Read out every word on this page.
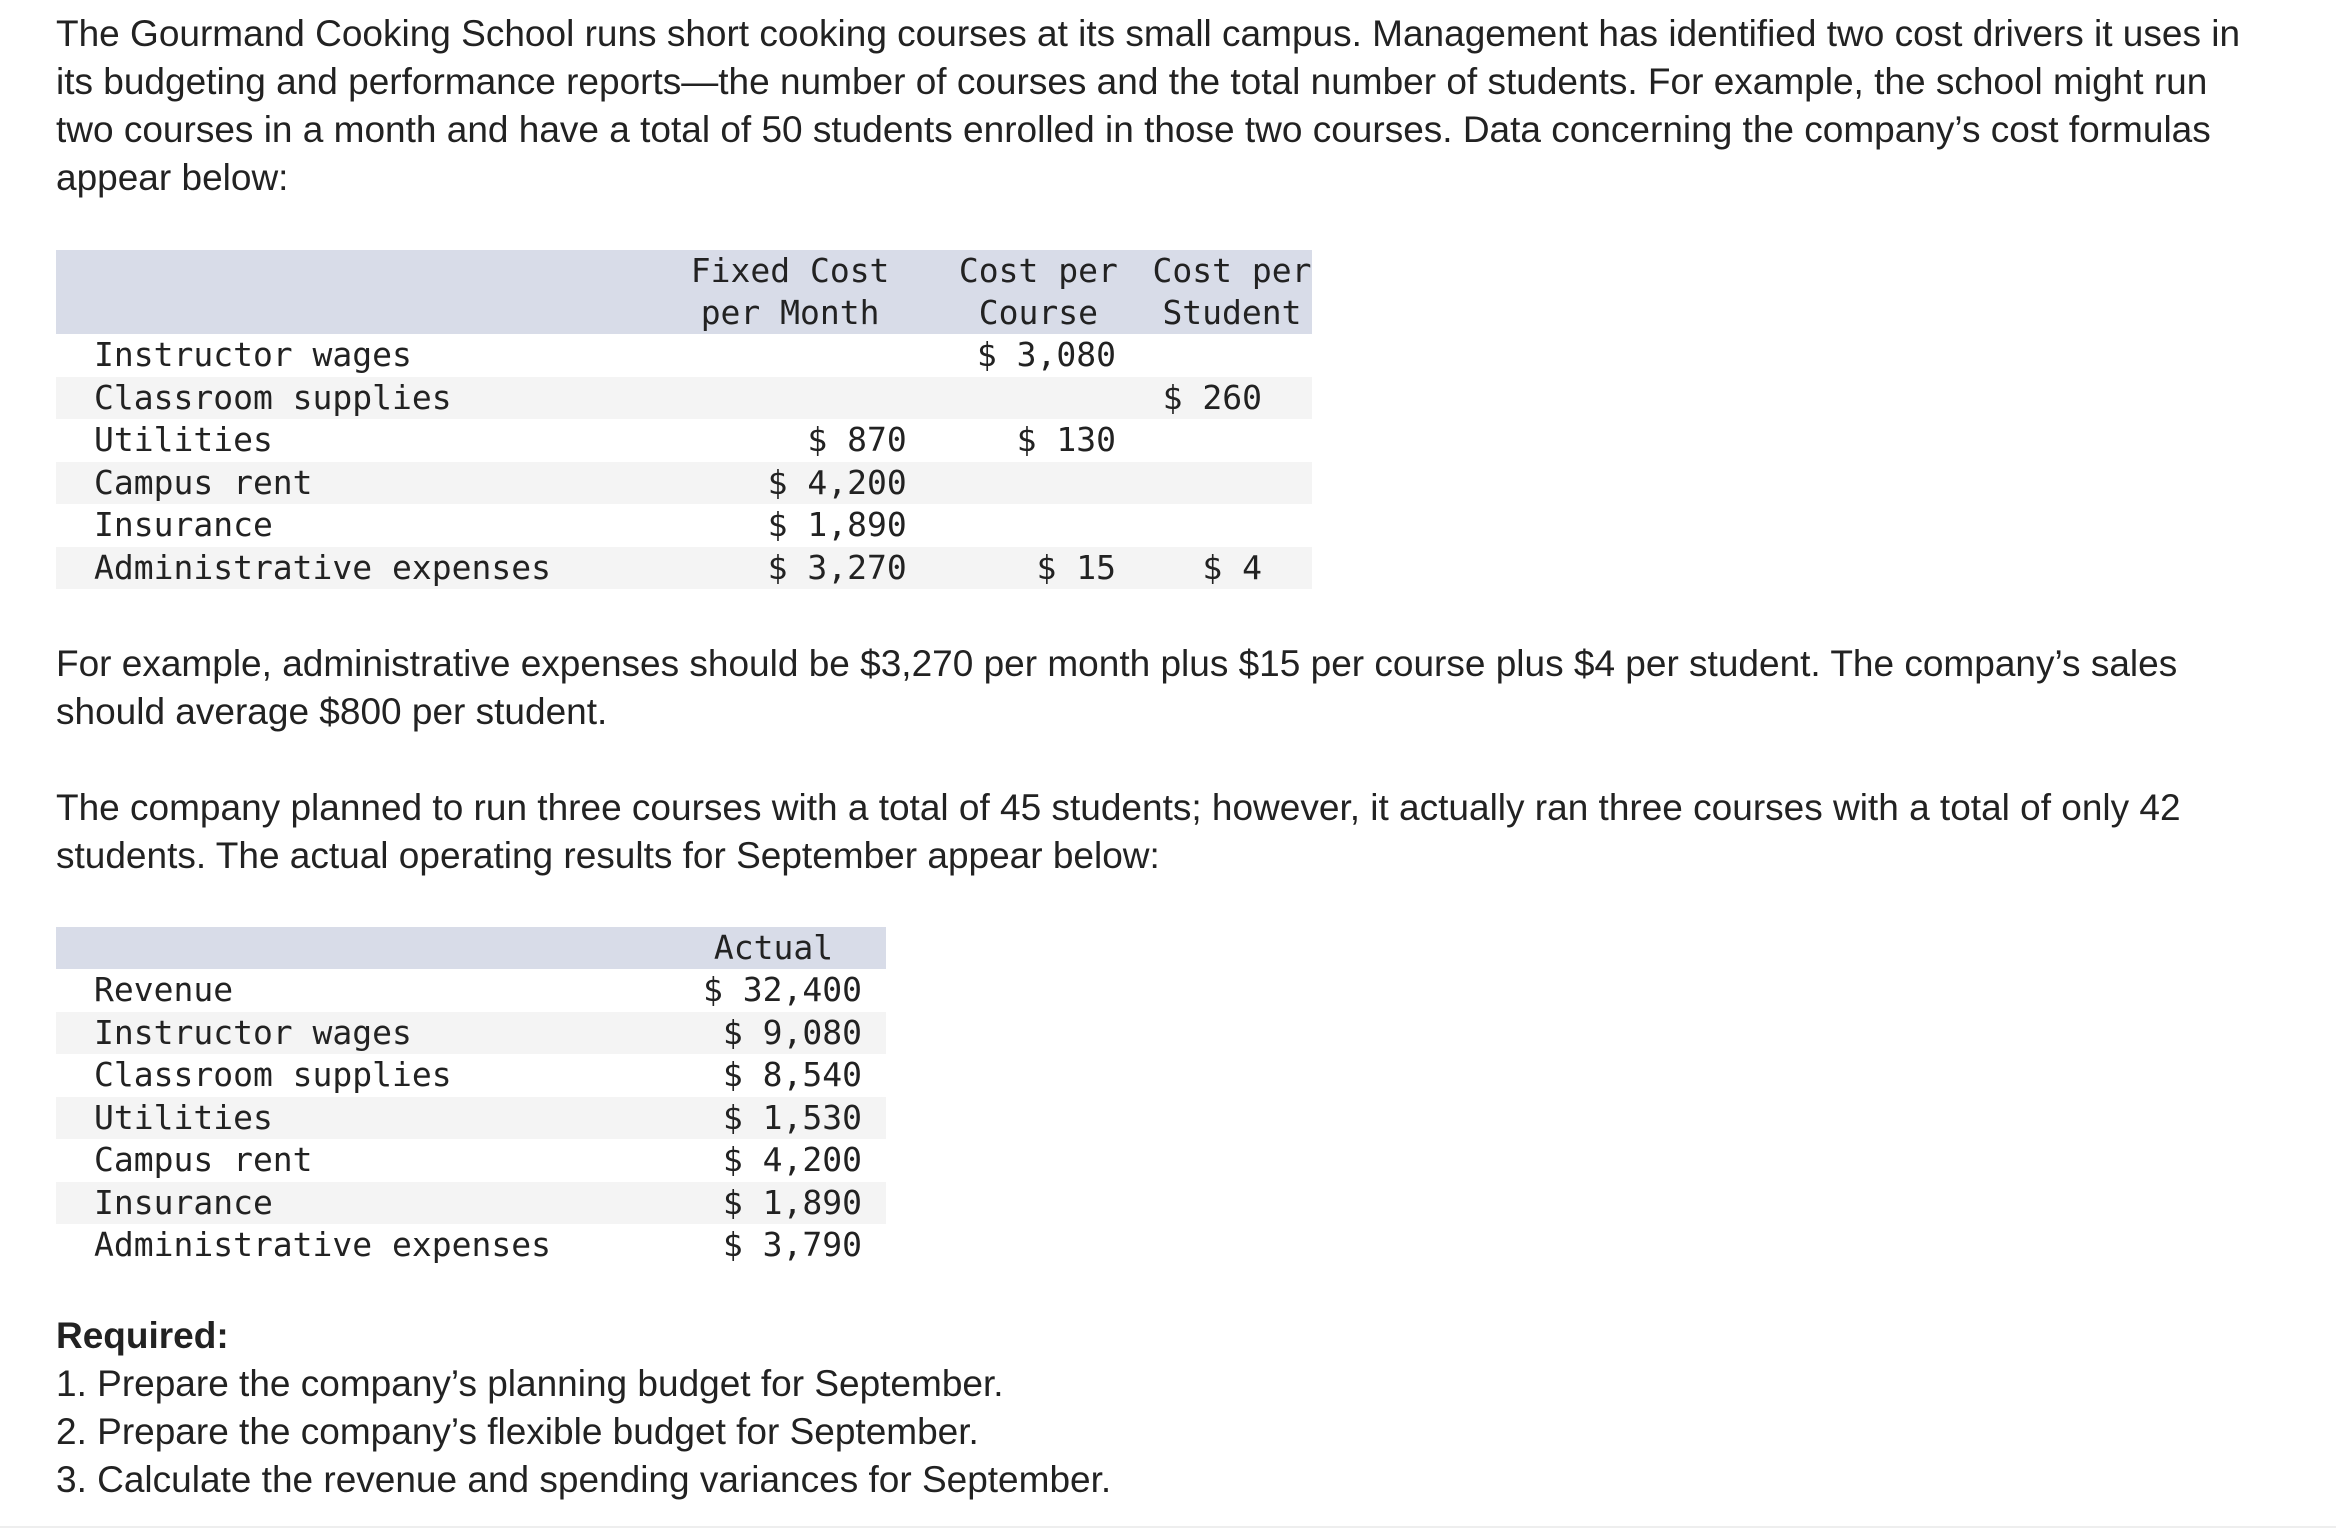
The Gourmand Cooking School runs short cooking courses at its small campus. Management has identified two cost drivers it uses in its budgeting and performance reports—the number of courses and the total number of students. For example, the school might run two courses in a month and have a total of 50 students enrolled in those two courses. Data concerning the company’s cost formulas appear below:

	Fixed Cost per Month	Cost per Course	Cost per Student
Instructor wages		$ 3,080	
Classroom supplies			$ 260
Utilities	$ 870	$ 130	
Campus rent	$ 4,200		
Insurance	$ 1,890		
Administrative expenses	$ 3,270	$ 15	$ 4

For example, administrative expenses should be $3,270 per month plus $15 per course plus $4 per student. The company’s sales should average $800 per student.

The company planned to run three courses with a total of 45 students; however, it actually ran three courses with a total of only 42 students. The actual operating results for September appear below:

	Actual
Revenue	$ 32,400
Instructor wages	$ 9,080
Classroom supplies	$ 8,540
Utilities	$ 1,530
Campus rent	$ 4,200
Insurance	$ 1,890
Administrative expenses	$ 3,790
Required:
1. Prepare the company’s planning budget for September.
2. Prepare the company’s flexible budget for September.
3. Calculate the revenue and spending variances for September.
